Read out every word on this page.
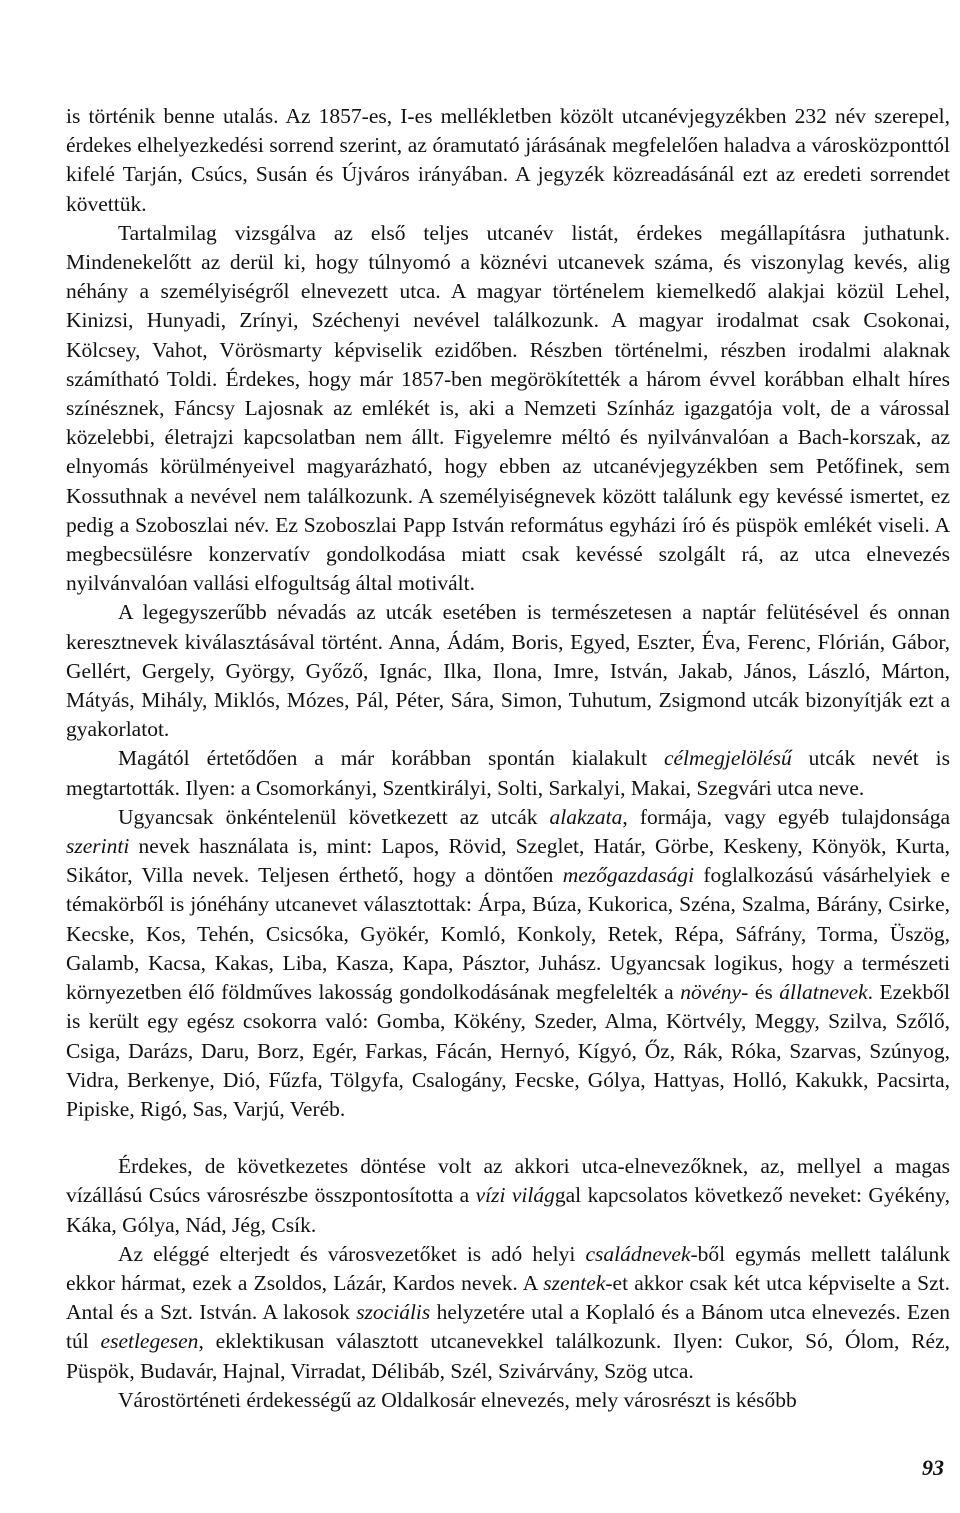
is történik benne utalás. Az 1857-es, I-es mellékletben közölt utcanévjegyzékben 232 név szerepel, érdekes elhelyezkedési sorrend szerint, az óramutató járásának megfelelően haladva a városközponttól kifelé Tarján, Csúcs, Susán és Újváros irányában. A jegyzék közreadásánál ezt az eredeti sorrendet követtük.

Tartalmilag vizsgálva az első teljes utcanév listát, érdekes megállapításra juthatunk. Mindenekelőtt az derül ki, hogy túlnyomó a köznévi utcanevek száma, és viszonylag kevés, alig néhány a személyiségről elnevezett utca. A magyar történelem kiemelkedő alakjai közül Lehel, Kinizsi, Hunyadi, Zrínyi, Széchenyi nevével találkozunk. A magyar irodalmat csak Csokonai, Kölcsey, Vahot, Vörösmarty képviselik ezidőben. Részben történelmi, részben irodalmi alaknak számítható Toldi. Érdekes, hogy már 1857-ben megörökítették a három évvel korábban elhalt híres színésznek, Fáncsy Lajosnak az emlékét is, aki a Nemzeti Színház igazgatója volt, de a várossal közelebbi, életrajzi kapcsolatban nem állt. Figyelemre méltó és nyilvánvalóan a Bach-korszak, az elnyomás körülményeivel magyarázható, hogy ebben az utcanévjegyzékben sem Petőfinek, sem Kossuthnak a nevével nem találkozunk. A személyiségnevek között találunk egy kevéssé ismertet, ez pedig a Szoboszlai név. Ez Szoboszlai Papp István református egyházi író és püspök emlékét viseli. A megbecsülésre konzervatív gondolkodása miatt csak kevéssé szolgált rá, az utca elnevezés nyilvánvalóan vallási elfogultság által motivált.

A legegyszerűbb névadás az utcák esetében is természetesen a naptár felütésével és onnan keresztnevek kiválasztásával történt. Anna, Ádám, Boris, Egyed, Eszter, Éva, Ferenc, Flórián, Gábor, Gellért, Gergely, György, Győző, Ignác, Ilka, Ilona, Imre, István, Jakab, János, László, Márton, Mátyás, Mihály, Miklós, Mózes, Pál, Péter, Sára, Simon, Tuhutum, Zsigmond utcák bizonyítják ezt a gyakorlatot.

Magától értetődően a már korábban spontán kialakult célmegjelölésű utcák nevét is megtartották. Ilyen: a Csomorkányi, Szentkirályi, Solti, Sarkalyi, Makai, Szegvári utca neve.

Ugyancsak önkéntelenül következett az utcák alakzata, formája, vagy egyéb tulajdonsága szerinti nevek használata is, mint: Lapos, Rövid, Szeglet, Határ, Görbe, Keskeny, Könyök, Kurta, Sikátor, Villa nevek. Teljesen érthető, hogy a döntően mezőgazdasági foglalkozású vásárhelyiek e témakörből is jónéhány utcanevet választottak: Árpa, Búza, Kukorica, Széna, Szalma, Bárány, Csirke, Kecske, Kos, Tehén, Csicsóka, Gyökér, Komló, Konkoly, Retek, Répa, Sáfrány, Torma, Üszög, Galamb, Kacsa, Kakas, Liba, Kasza, Kapa, Pásztor, Juhász. Ugyancsak logikus, hogy a természeti környezetben élő földműves lakosság gondolkodásának megfelelték a növény- és állatnevek. Ezekből is került egy egész csokorra való: Gomba, Kökény, Szeder, Alma, Körtvély, Meggy, Szilva, Szőlő, Csiga, Darázs, Daru, Borz, Egér, Farkas, Fácán, Hernyó, Kígyó, Őz, Rák, Róka, Szarvas, Szúnyog, Vidra, Berkenye, Dió, Fűzfa, Tölgyfa, Csalogány, Fecske, Gólya, Hattyas, Holló, Kakukk, Pacsirta, Pipiske, Rigó, Sas, Varjú, Veréb.

Érdekes, de következetes döntése volt az akkori utca-elnevezőknek, az, mellyel a magas vízállású Csúcs városrészbe összpontosította a vízi világgal kapcsolatos következő neveket: Gyékény, Káka, Gólya, Nád, Jég, Csík.

Az eléggé elterjedt és városvezetőket is adó helyi családnevek-ből egymás mellett találunk ekkor hármat, ezek a Zsoldos, Lázár, Kardos nevek. A szentek-et akkor csak két utca képviselte a Szt. Antal és a Szt. István. A lakosok szociális helyzetére utal a Koplaló és a Bánom utca elnevezés. Ezen túl esetlegesen, eklektikusan választott utcanevekkel találkozunk. Ilyen: Cukor, Só, Ólom, Réz, Püspök, Budavár, Hajnal, Virradat, Délibáb, Szél, Szivárvány, Szög utca.

Várostörténeti érdekességű az Oldalkosár elnevezés, mely városrészt is később

93
